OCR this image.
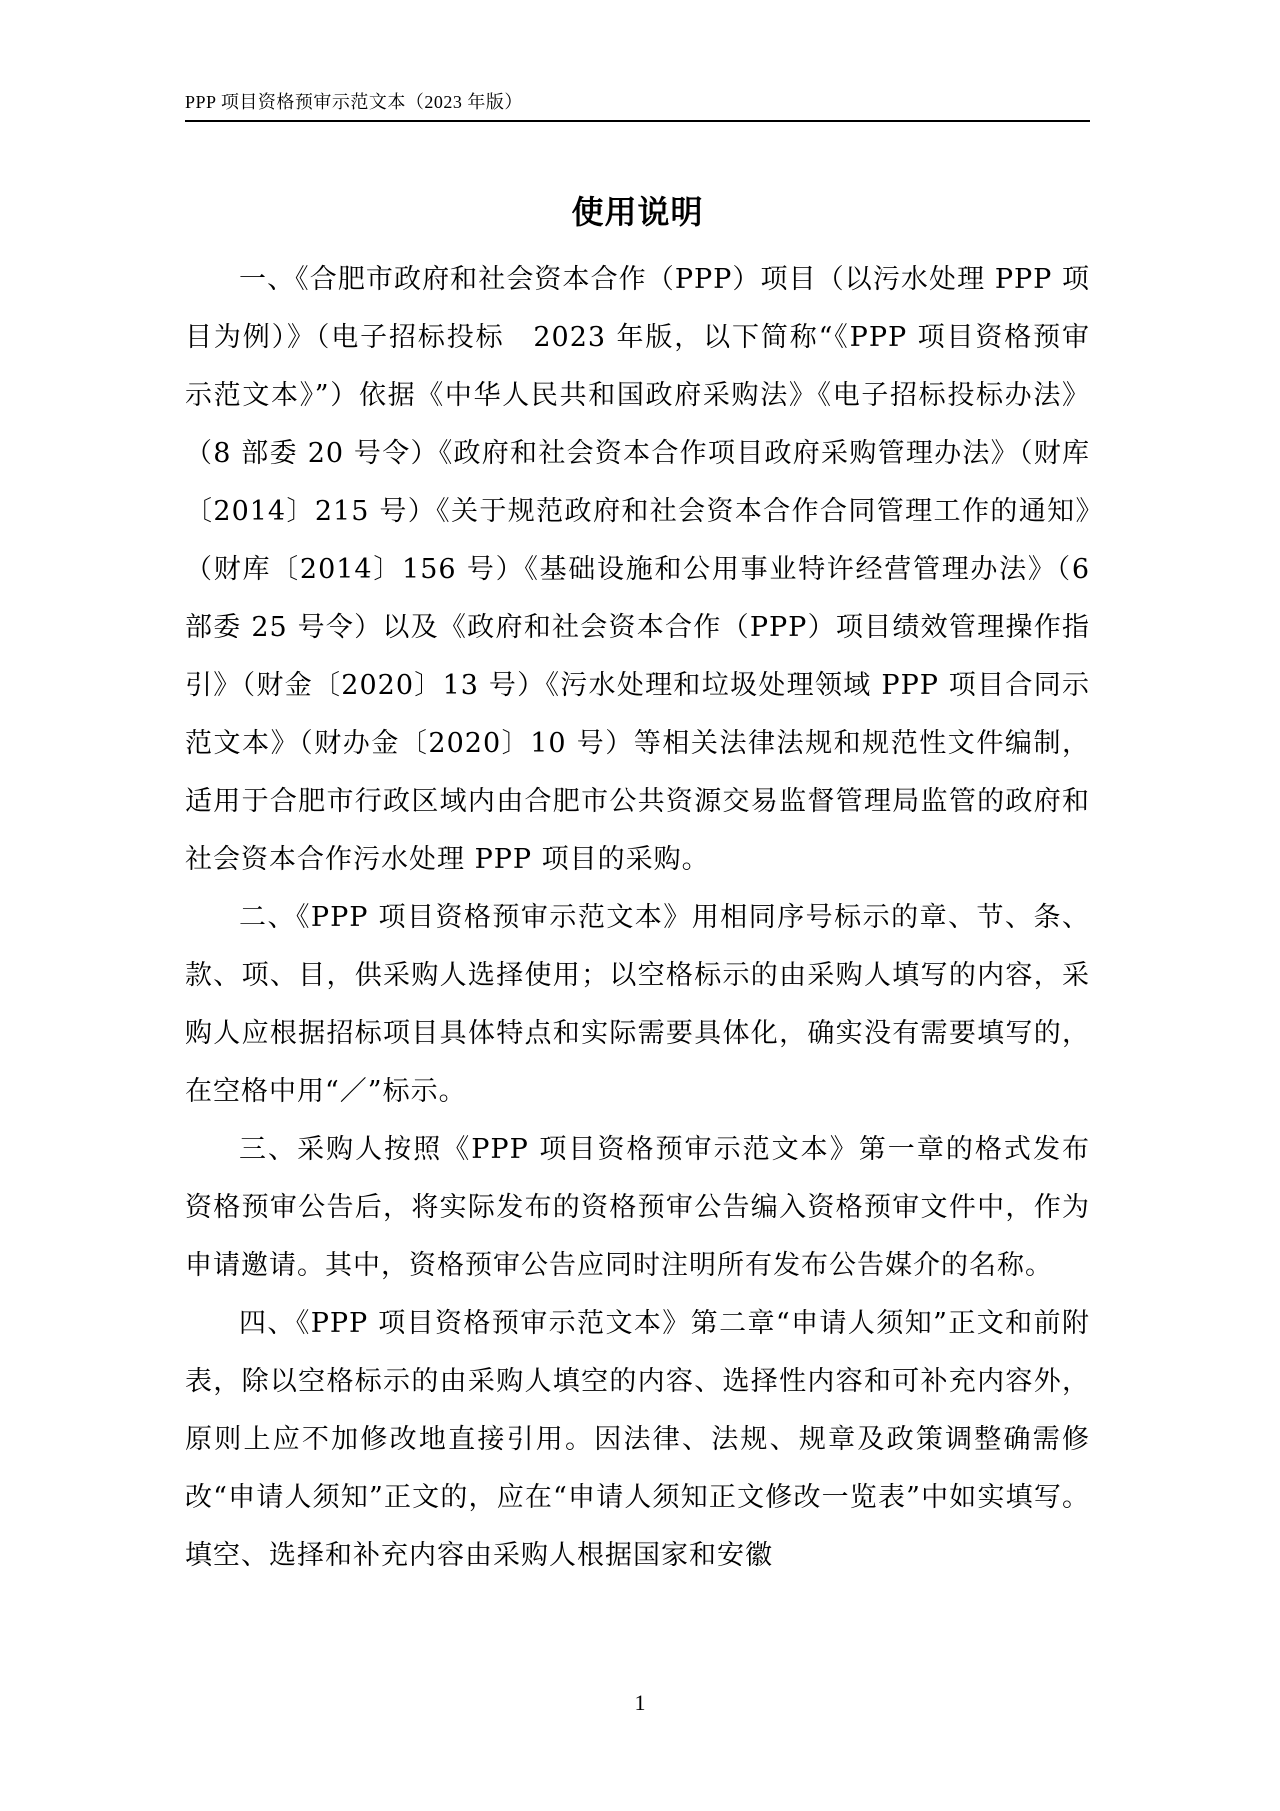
PPP 项目资格预审示范文本（2023 年版）
使用说明

一、《合肥市政府和社会资本合作（PPP）项目（以污水处理 PPP 项目为例）》（电子招标投标　2023 年版，以下简称“《PPP 项目资格预审示范文本》”）依据《中华人民共和国政府采购法》《电子招标投标办法》（8 部委 20 号令）《政府和社会资本合作项目政府采购管理办法》（财库〔2014〕215 号）《关于规范政府和社会资本合作合同管理工作的通知》（财库〔2014〕156 号）《基础设施和公用事业特许经营管理办法》（6 部委 25 号令）以及《政府和社会资本合作（PPP）项目绩效管理操作指引》（财金〔2020〕13 号）《污水处理和垃圾处理领域 PPP 项目合同示范文本》（财办金〔2020〕10 号）等相关法律法规和规范性文件编制，适用于合肥市行政区域内由合肥市公共资源交易监督管理局监管的政府和社会资本合作污水处理 PPP 项目的采购。

二、《PPP 项目资格预审示范文本》用相同序号标示的章、节、条、款、项、目，供采购人选择使用；以空格标示的由采购人填写的内容，采购人应根据招标项目具体特点和实际需要具体化，确实没有需要填写的，在空格中用“／”标示。

三、采购人按照《PPP 项目资格预审示范文本》第一章的格式发布资格预审公告后，将实际发布的资格预审公告编入资格预审文件中，作为申请邀请。其中，资格预审公告应同时注明所有发布公告媒介的名称。

四、《PPP 项目资格预审示范文本》第二章“申请人须知”正文和前附表，除以空格标示的由采购人填空的内容、选择性内容和可补充内容外，原则上应不加修改地直接引用。因法律、法规、规章及政策调整确需修改“申请人须知”正文的，应在“申请人须知正文修改一览表”中如实填写。填空、选择和补充内容由采购人根据国家和安徽

1
